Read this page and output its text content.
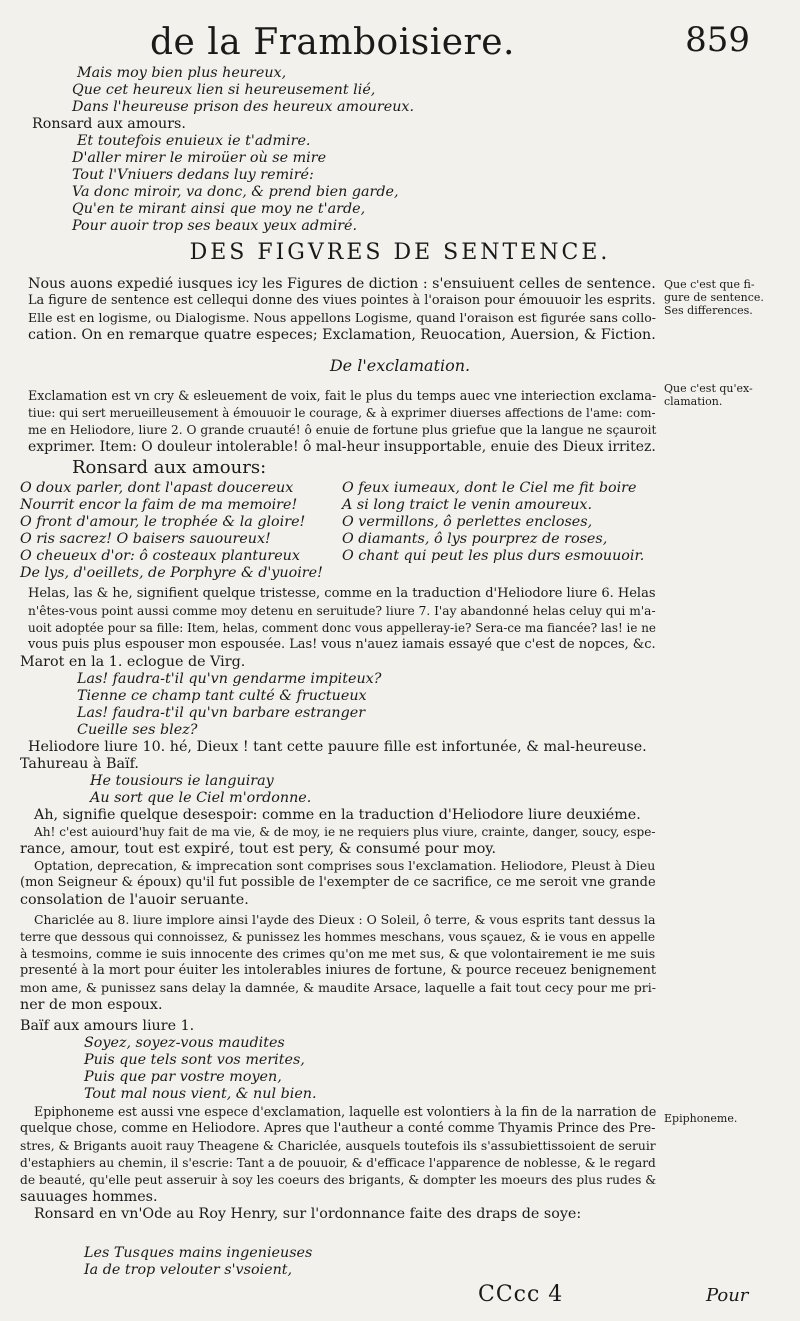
de la Framboisiere.	859
Mais moy bien plus heureux,
Que cet heureux lien si heureusement lié,
Dans l'heureuse prison des heureux amoureux.
Ronsard aux amours.
Et toutefois enuieux ie t'admire.
D'aller mirer le miroüer où se mire
Tout l'Vniuers dedans luy remiré:
Va donc miroir, va donc, & prend bien garde,
Qu'en te mirant ainsi que moy ne t'arde,
Pour auoir trop ses beaux yeux admiré.
DES FIGVRES DE SENTENCE.
Nous auons expedié iusques icy les Figures de diction : s'ensuiuent celles de sentence.
La figure de sentence est cellequi donne des viues pointes à l'oraison pour émouuoir les esprits.
Elle est en logisme, ou Dialogisme. Nous appellons Logisme, quand l'oraison est figurée sans collo-
cation. On en remarque quatre especes; Exclamation, Reuocation, Auersion, & Fiction.
Que c'est que fi-
gure de sentence.
Ses differences.
De l'exclamation.
Exclamation est vn cry & esleuement de voix, fait le plus du temps auec vne interiection exclama-
tiue: qui sert merueilleusement à émouuoir le courage, & à exprimer diuerses affections de l'ame: com-
me en Heliodore, liure 2. O grande cruauté! ô enuie de fortune plus griefue que la langue ne sçauroit
exprimer. Item: O douleur intolerable! ô mal-heur insupportable, enuie des Dieux irritez.
Que c'est qu'ex-
clamation.
Ronsard aux amours:
O doux parler, dont l'apast doucereux
Nourrit encor la faim de ma memoire!
O front d'amour, le trophée & la gloire!
O ris sacrez! O baisers sauoureux!
O cheueux d'or: ô costeaux plantureux
De lys, d'oeillets, de Porphyre & d'yuoire!
O feux iumeaux, dont le Ciel me fit boire
A si long traict le venin amoureux.
O vermillons, ô perlettes encloses,
O diamants, ô lys pourprez de roses,
O chant qui peut les plus durs esmouuoir.
Helas, las & he, signifient quelque tristesse, comme en la traduction d'Heliodore liure 6. Helas
n'êtes-vous point aussi comme moy detenu en seruitude? liure 7. I'ay abandonné helas celuy qui m'a-
uoit adoptée pour sa fille: Item, helas, comment donc vous appelleray-ie? Sera-ce ma fiancée? las! ie ne
vous puis plus espouser mon espousée. Las! vous n'auez iamais essayé que c'est de nopces, &c.
Marot en la 1. eclogue de Virg.
Las! faudra-t'il qu'vn gendarme impiteux?
Tienne ce champ tant culté & fructueux
Las! faudra-t'il qu'vn barbare estranger
Cueille ses blez?
Heliodore liure 10. hé, Dieux ! tant cette pauure fille est infortunée, & mal-heureuse.
Tahureau à Baïf.
He tousiours ie languiray
Au sort que le Ciel m'ordonne.
Ah, signifie quelque desespoir: comme en la traduction d'Heliodore liure deuxiéme.
Ah! c'est auiourd'huy fait de ma vie, & de moy, ie ne requiers plus viure, crainte, danger, soucy, espe-
rance, amour, tout est expiré, tout est pery, & consumé pour moy.
Optation, deprecation, & imprecation sont comprises sous l'exclamation. Heliodore, Pleust à Dieu
(mon Seigneur & époux) qu'il fut possible de l'exempter de ce sacrifice, ce me seroit vne grande
consolation de l'auoir seruante.
Chariclée au 8. liure implore ainsi l'ayde des Dieux : O Soleil, ô terre, & vous esprits tant dessus la
terre que dessous qui connoissez, & punissez les hommes meschans, vous sçauez, & ie vous en appelle
à tesmoins, comme ie suis innocente des crimes qu'on me met sus, & que volontairement ie me suis
presenté à la mort pour éuiter les intolerables iniures de fortune, & pource receuez benignement
mon ame, & punissez sans delay la damnée, & maudite Arsace, laquelle a fait tout cecy pour me pri-
ner de mon espoux.
Baïf aux amours liure 1.
Soyez, soyez-vous maudites
Puis que tels sont vos merites,
Puis que par vostre moyen,
Tout mal nous vient, & nul bien.
Epiphoneme est aussi vne espece d'exclamation, laquelle est volontiers à la fin de la narration de
quelque chose, comme en Heliodore. Apres que l'autheur a conté comme Thyamis Prince des Pre-
stres, & Brigants auoit rauy Theagene & Chariclée, ausquels toutefois ils s'assubiettissoient de seruir
d'estaphiers au chemin, il s'escrie: Tant a de pouuoir, & d'efficace l'apparence de noblesse, & le regard
de beauté, qu'elle peut asseruir à soy les coeurs des brigants, & dompter les moeurs des plus rudes &
sauuages hommes.
Ronsard en vn'Ode au Roy Henry, sur l'ordonnance faite des draps de soye:
Epiphoneme.
Les Tusques mains ingenieuses
Ia de trop velouter s'vsoient,
CCcc 4	Pour
